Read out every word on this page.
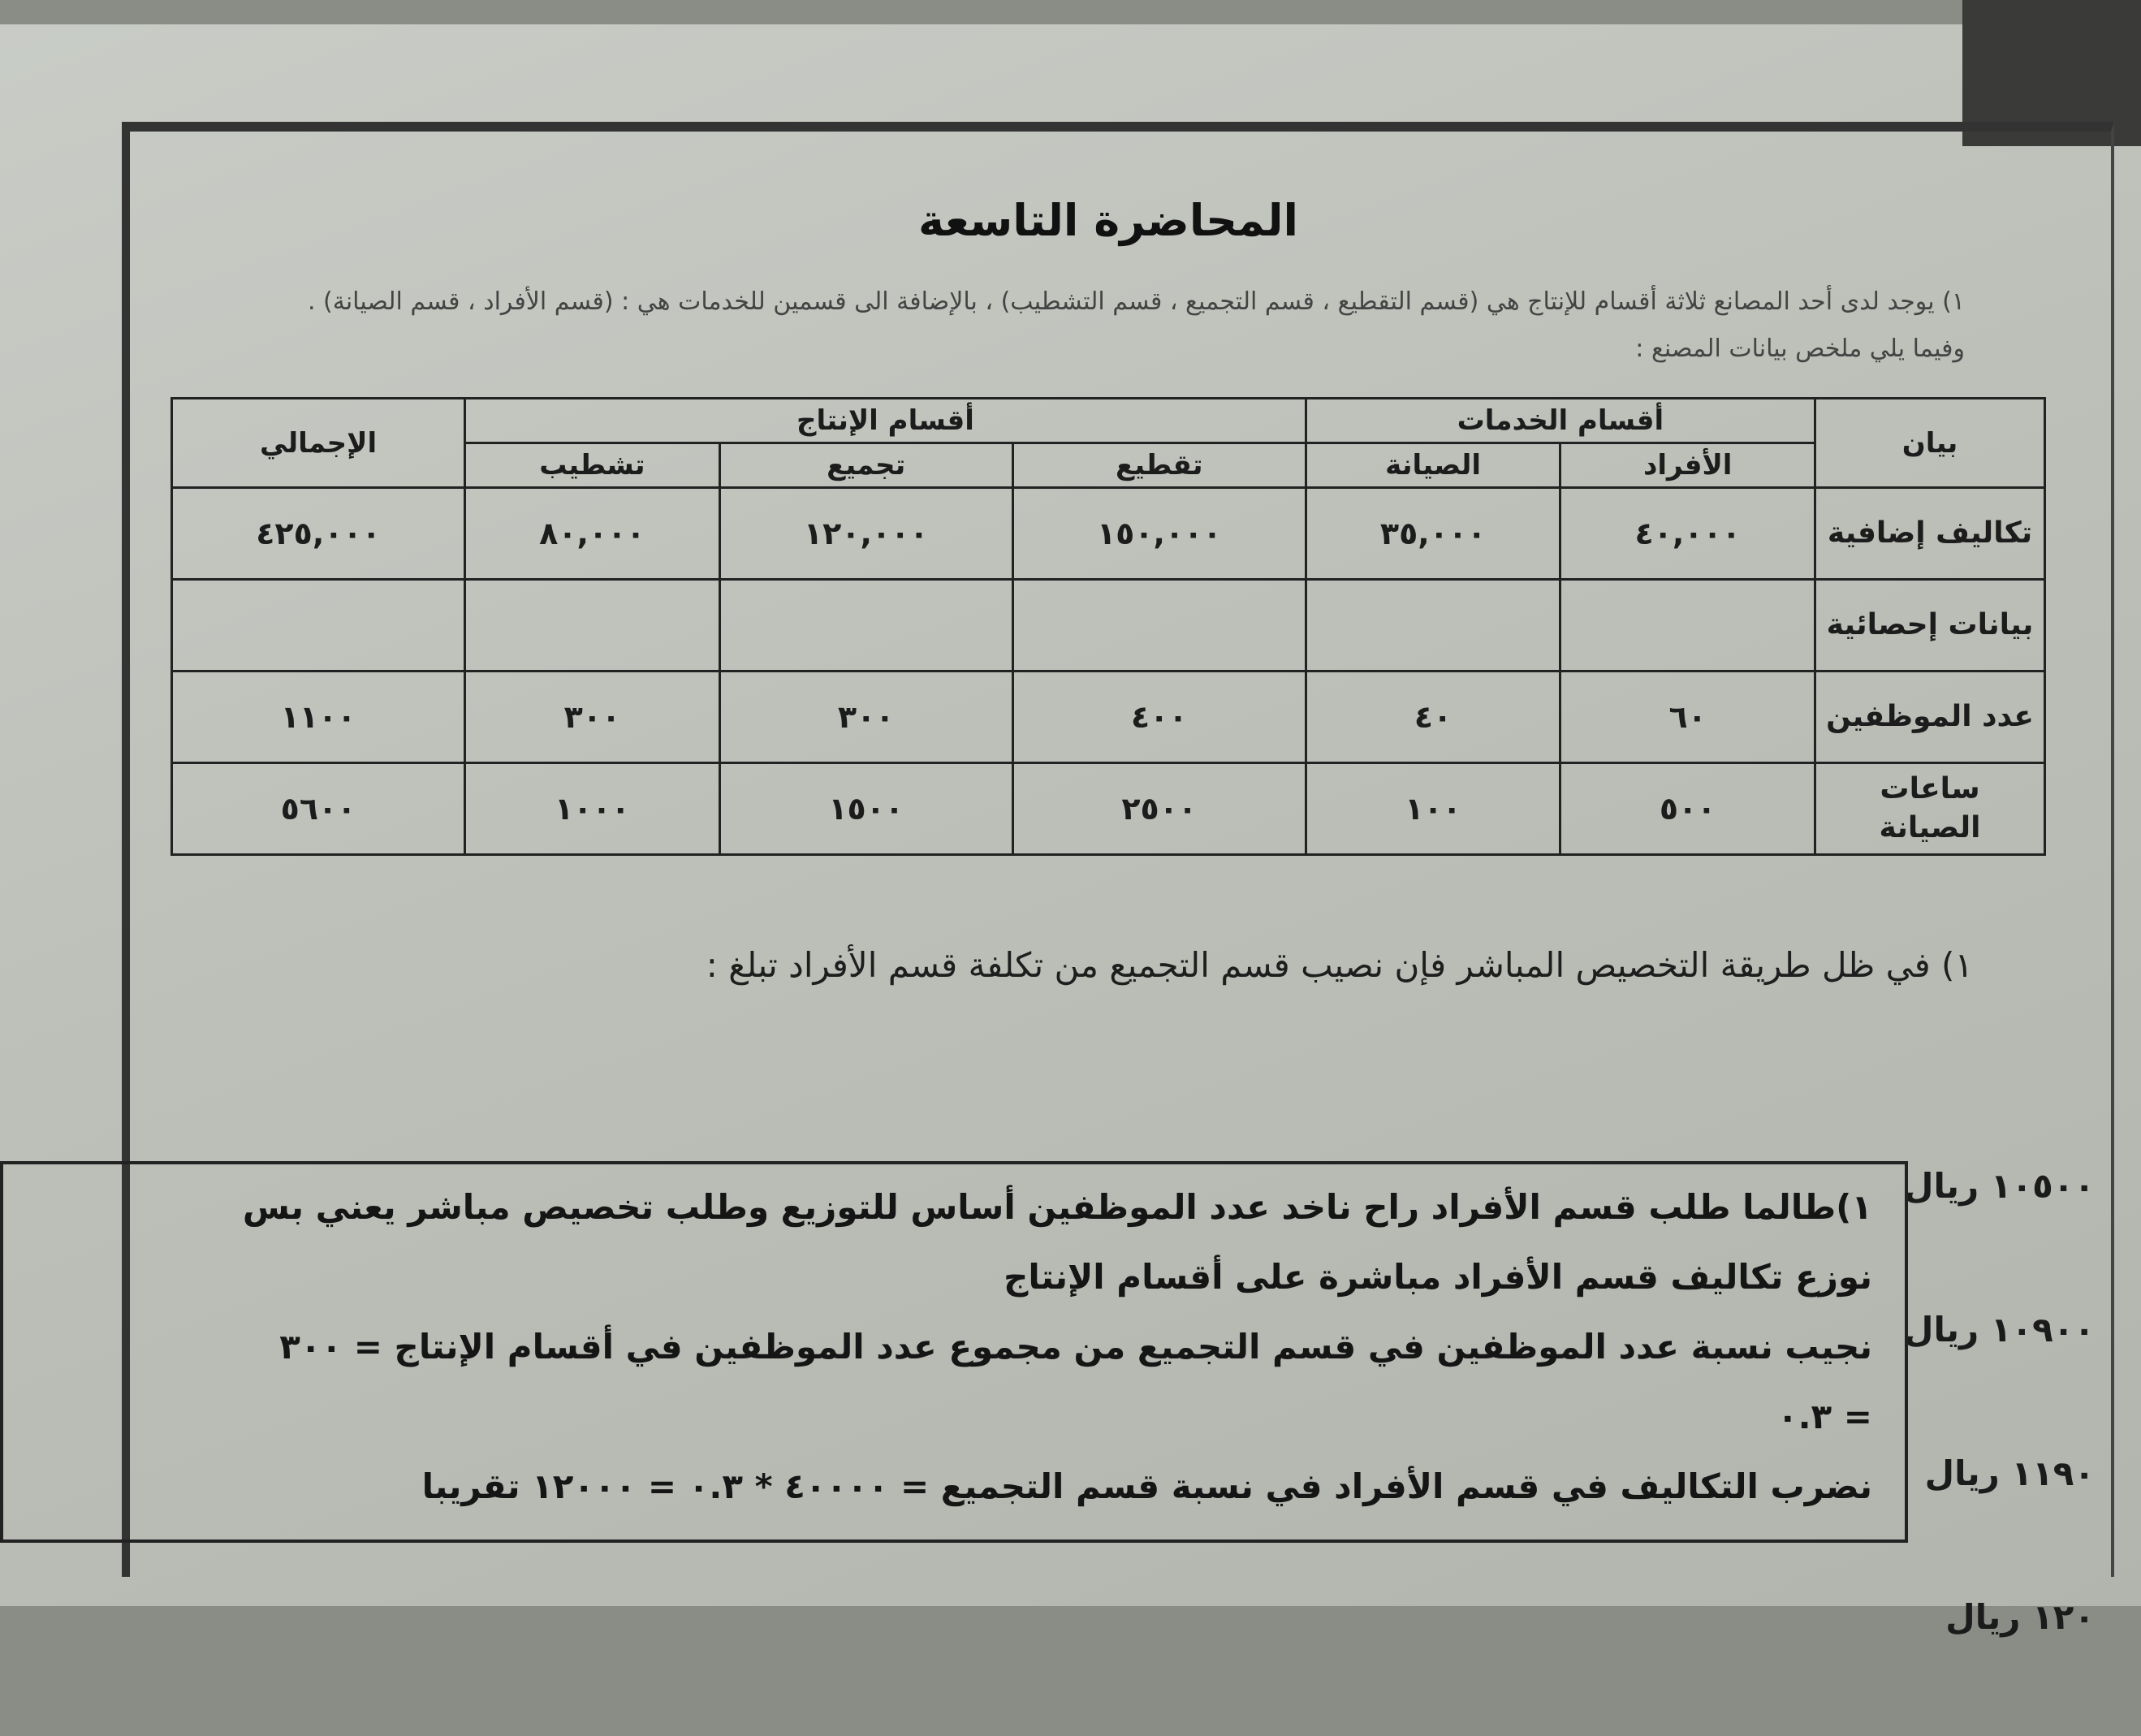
المحاضرة التاسعة
١) يوجد لدى أحد المصانع ثلاثة أقسام للإنتاج هي (قسم التقطيع ، قسم التجميع ، قسم التشطيب) ، بالإضافة الى قسمين للخدمات هي : (قسم الأفراد ، قسم الصيانة) . وفيما يلي ملخص بيانات المصنع :
بيان	أقسام الخدمات		أقسام الإنتاج			الإجمالي
	الأفراد	الصيانة	تقطيع	تجميع	تشطيب	
تكاليف إضافية	٤٠,٠٠٠	٣٥,٠٠٠	١٥٠,٠٠٠	١٢٠,٠٠٠	٨٠,٠٠٠	٤٢٥,٠٠٠
بيانات إحصائية						
عدد الموظفين	٦٠	٤٠	٤٠٠	٣٠٠	٣٠٠	١١٠٠
ساعات الصيانة	٥٠٠	١٠٠	٢٥٠٠	١٥٠٠	١٠٠٠	٥٦٠٠
١) في ظل طريقة التخصيص المباشر فإن نصيب قسم التجميع من تكلفة قسم الأفراد تبلغ :
١٠٥٠٠ ريال
١٠٩٠٠ ريال
١١٩٠ ريال
١٢٠ ريال

١)طالما طلب قسم الأفراد راح ناخد عدد الموظفين أساس للتوزيع وطلب تخصيص مباشر يعني بس

نوزع تكاليف قسم الأفراد مباشرة على أقسام الإنتاج

نجيب نسبة عدد الموظفين في قسم التجميع من مجموع عدد الموظفين في أقسام الإنتاج = ٣٠٠

= ٠.٣

نضرب التكاليف في قسم الأفراد في نسبة قسم التجميع = ٤٠٠٠٠ * ٠.٣ = ١٢٠٠٠ تقريبا
